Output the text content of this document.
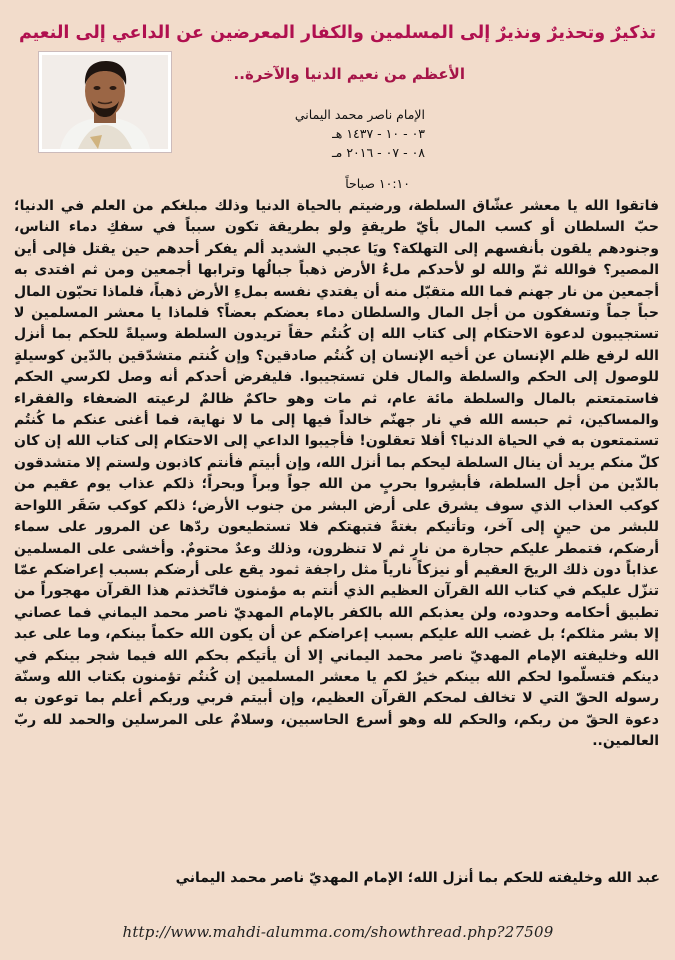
تذكيرٌ وتحذيرٌ ونذيرٌ إلى المسلمين والكفار المعرضين عن الداعي إلى النعيم
الأعظم من نعيم الدنيا والآخرة..
الإمام ناصر محمد اليماني
٠٣ - ١٠ - ١٤٣٧ هـ
٠٨ - ٠٧ - ٢٠١٦ مـ
١٠:١٠ صباحاً
فاتقوا الله يا معشر عشّاق السلطة، ورضيتم بالحياة الدنيا وذلك مبلغكم من العلم في الدنيا؛ حبّ السلطان أو كسب المال بأيّ طريقةٍ ولو بطريقة تكون سبباً في سفكِ دماء الناس، وجنودهم يلقون بأنفسهم إلى التهلكة؟ ويَا عجبي الشديد ألم يفكر أحدهم حين يقتل فإلى أين المصير؟ فوالله ثمّ والله لو لأحدكم ملءُ الأرض ذهباً جبالُها وترابها أجمعين ومن ثم افتدى به أجمعين من نار جهنم فما الله متقبّل منه أن يفتدي نفسه بملءِ الأرض ذهباً، فلماذا تحبّون المال حباً جماً وتسفكون من أجل المال والسلطان دماء بعضكم بعضاً؟ فلماذا يا معشر المسلمين لا تستجيبون لدعوة الاحتكام إلى كتاب الله إن كُنتُم حقاً تريدون السلطة وسيلةً للحكم بما أنزل الله لرفع ظلم الإنسان عن أخيه الإنسان إن كُنتُم صادقين؟ وإن كُنتم متشدّقين بالدّين كوسيلةٍ للوصول إلى الحكم والسلطة والمال فلن تستجيبوا. فليفرض أحدكم أنه وصل لكرسي الحكم فاستمتعتم بالمال والسلطة مائة عام، ثم مات وهو حاكمٌ ظالمٌ لرعيته الضعفاء والفقراء والمساكين، ثم حبسه الله في نار جهنّم خالداً فيها إلى ما لا نهاية، فما أغنى عنكم ما كُنتُم تستمتعون به في الحياة الدنيا؟ أفلا تعقلون! فأجيبوا الداعي إلى الاحتكام إلى كتاب الله إن كان كلّ منكم يريد أن ينال السلطة ليحكم بما أنزل الله، وإن أبيتم فأنتم كاذبون ولستم إلا متشدقون بالدّين من أجل السلطة، فأبشِروا بحربٍ من الله جواً وبراً وبحراً؛ ذلكم عذاب يوم عقيم من كوكب العذاب الذي سوف يشرق على أرض البشر من جنوب الأرض؛ ذلكم كوكب سَقَر اللواحة للبشر من حينٍ إلى آخر، وتأتيكم بغتةً فتبهتكم فلا تستطيعون ردّها عن المرور على سماء أرضكم، فتمطر عليكم حجارة من نارٍ ثم لا تنظرون، وذلك وعدٌ محتومٌ. وأخشى على المسلمين عذاباً دون ذلك الريحَ العقيم أو نيزكاً نارياً مثل راجفة ثمود يقع على أرضكم بسبب إعراضكم عمّا تنزّل عليكم في كتاب الله القرآن العظيم الذي أنتم به مؤمنون فاتّخذتم هذا القرآن مهجوراً من تطبيق أحكامه وحدوده، ولن يعذبكم الله بالكفر بالإمام المهديّ ناصر محمد اليماني فما عصاني إلا بشر مثلكم؛ بل غضب الله عليكم بسبب إعراضكم عن أن يكون الله حكماً بينكم، وما على عبد الله وخليفته الإمام المهديّ ناصر محمد اليماني إلا أن يأتيكم بحكم الله فيما شجر بينكم في دينكم فتسلّموا لحكم الله بينكم خيرٌ لكم يا معشر المسلمين إن كُنتُم تؤمنون بكتاب الله وسنّة رسوله الحقّ التي لا تخالف لمحكم القرآن العظيم، وإن أبيتم فربي وربكم أعلم بما توعون به دعوة الحقّ من ربكم، والحكم لله وهو أسرع الحاسبين، وسلامٌ على المرسلين والحمد لله ربّ العالمين..
عبد الله وخليفته للحكم بما أنزل الله؛ الإمام المهديّ ناصر محمد اليماني
http://www.mahdi-alumma.com/showthread.php?27509
